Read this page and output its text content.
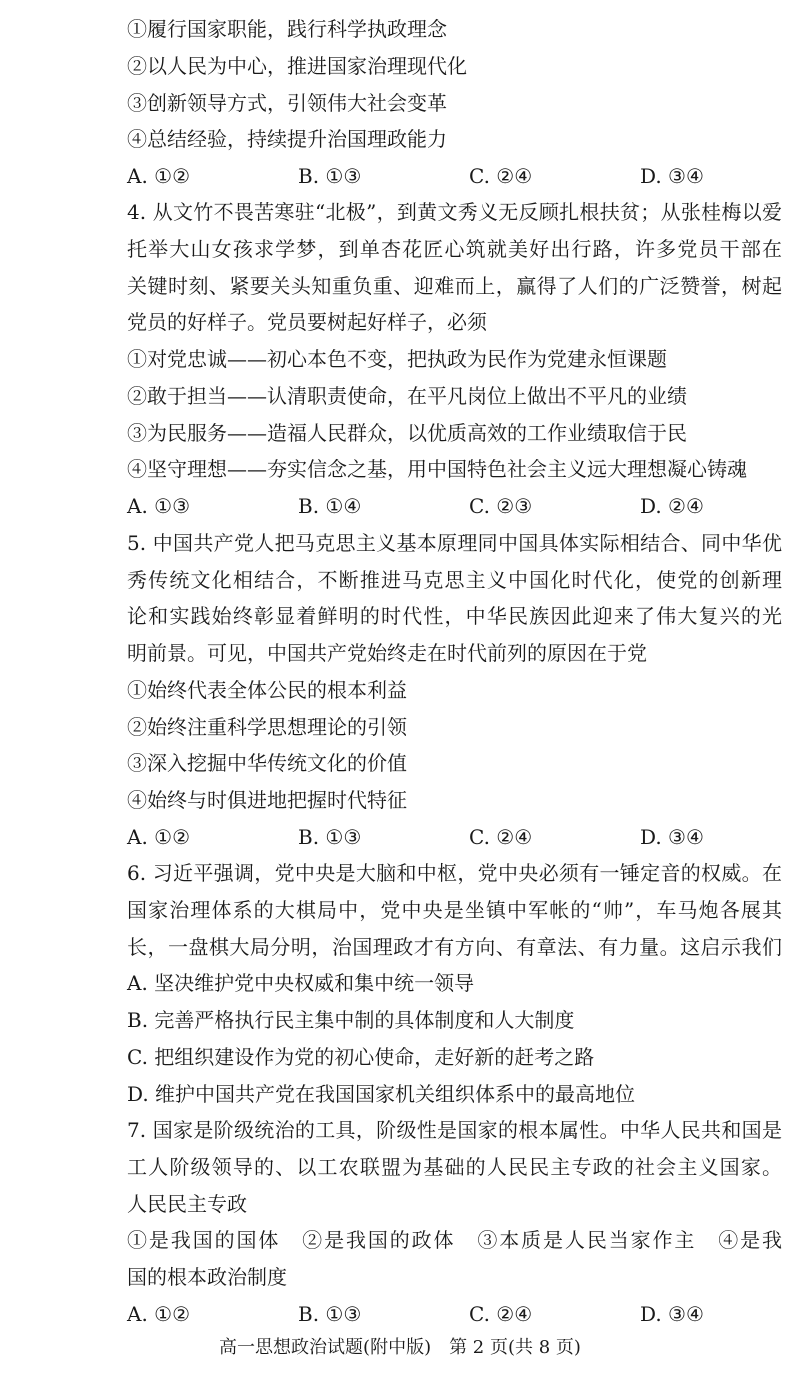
①履行国家职能，践行科学执政理念
②以人民为中心，推进国家治理现代化
③创新领导方式，引领伟大社会变革
④总结经验，持续提升治国理政能力
A. ①②	B. ①③	C. ②④	D. ③④
4. 从文竹不畏苦寒驻“北极”，到黄文秀义无反顾扎根扶贫；从张桂梅以爱
托举大山女孩求学梦，到单杏花匠心筑就美好出行路，许多党员干部在
关键时刻、紧要关头知重负重、迎难而上，赢得了人们的广泛赞誉，树起
党员的好样子。党员要树起好样子，必须
①对党忠诚——初心本色不变，把执政为民作为党建永恒课题
②敢于担当——认清职责使命，在平凡岗位上做出不平凡的业绩
③为民服务——造福人民群众，以优质高效的工作业绩取信于民
④坚守理想——夯实信念之基，用中国特色社会主义远大理想凝心铸魂
A. ①③	B. ①④	C. ②③	D. ②④
5. 中国共产党人把马克思主义基本原理同中国具体实际相结合、同中华优
秀传统文化相结合，不断推进马克思主义中国化时代化，使党的创新理
论和实践始终彰显着鲜明的时代性，中华民族因此迎来了伟大复兴的光
明前景。可见，中国共产党始终走在时代前列的原因在于党
①始终代表全体公民的根本利益
②始终注重科学思想理论的引领
③深入挖掘中华传统文化的价值
④始终与时俱进地把握时代特征
A. ①②	B. ①③	C. ②④	D. ③④
6. 习近平强调，党中央是大脑和中枢，党中央必须有一锤定音的权威。在
国家治理体系的大棋局中，党中央是坐镇中军帐的“帅”，车马炮各展其
长，一盘棋大局分明，治国理政才有方向、有章法、有力量。这启示我们
A. 坚决维护党中央权威和集中统一领导
B. 完善严格执行民主集中制的具体制度和人大制度
C. 把组织建设作为党的初心使命，走好新的赶考之路
D. 维护中国共产党在我国国家机关组织体系中的最高地位
7. 国家是阶级统治的工具，阶级性是国家的根本属性。中华人民共和国是
工人阶级领导的、以工农联盟为基础的人民民主专政的社会主义国家。
人民民主专政
①是我国的国体　②是我国的政体　③本质是人民当家作主　④是我
国的根本政治制度
A. ①②	B. ①③	C. ②④	D. ③④
高一思想政治试题(附中版)　第 2 页(共 8 页)
